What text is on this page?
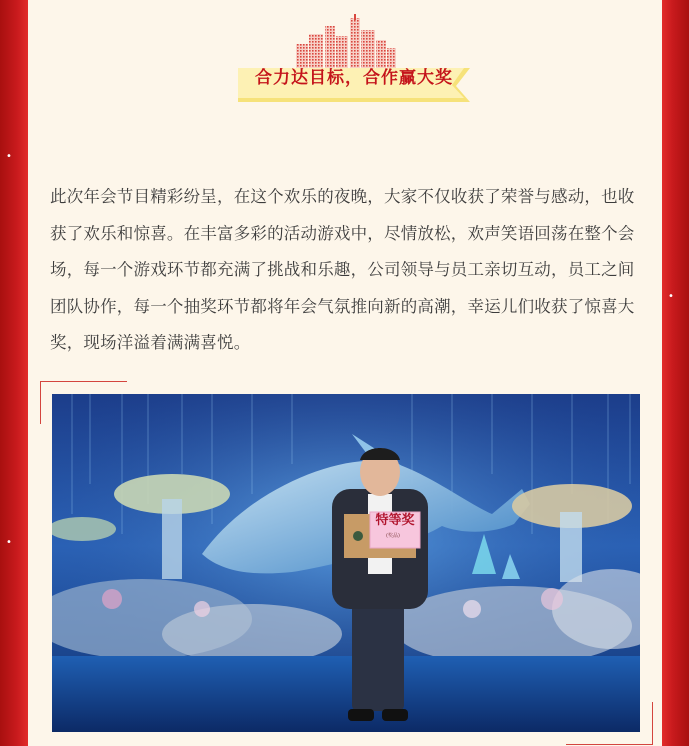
•
•
•
合力达目标，合作赢大奖

此次年会节目精彩纷呈，在这个欢乐的夜晚，大家不仅收获了荣誉与感动，也收
获了欢乐和惊喜。在丰富多彩的活动游戏中，尽情放松，欢声笑语回荡在整个会
场，每一个游戏环节都充满了挑战和乐趣，公司领导与员工亲切互动，员工之间
团队协作，每一个抽奖环节都将年会气氛推向新的高潮，幸运儿们收获了惊喜大
奖，现场洋溢着满满喜悦。

特等奖
(奖品)
